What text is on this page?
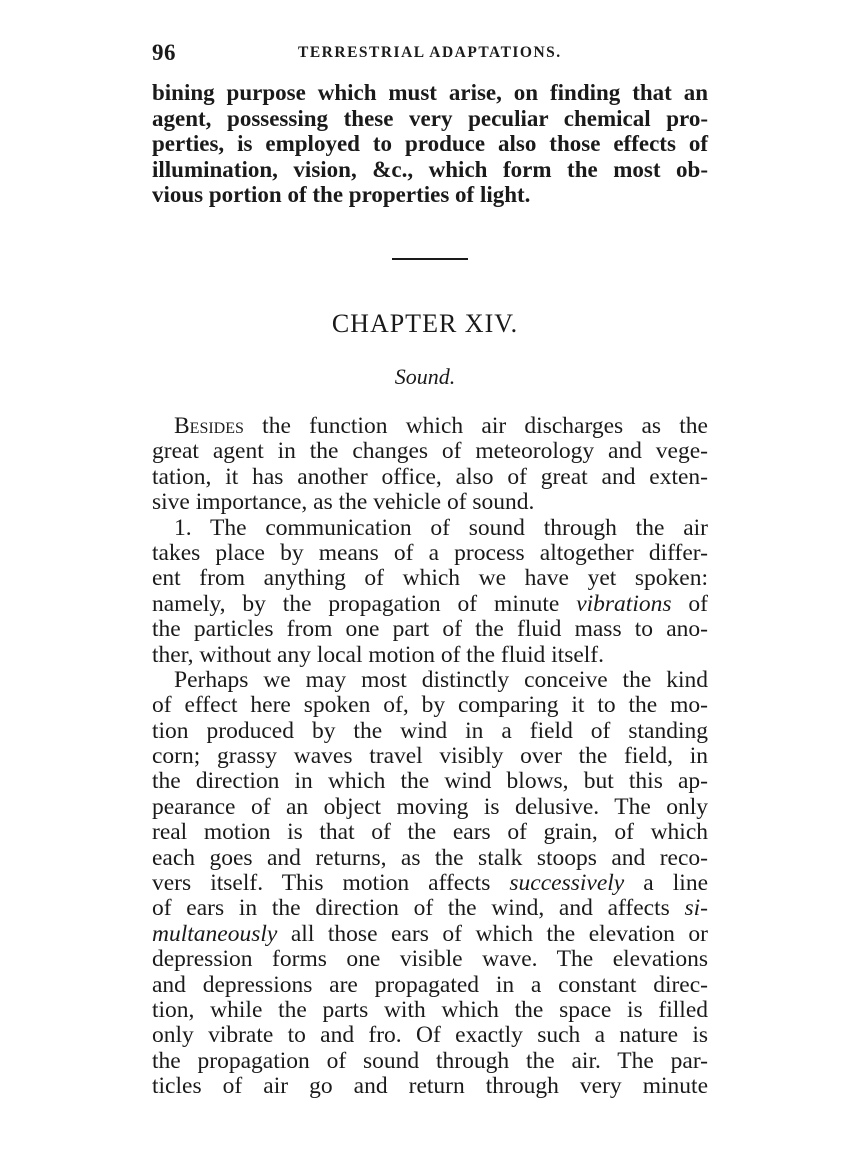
96	TERRESTRIAL ADAPTATIONS.
bining purpose which must arise, on finding that an
agent, possessing these very peculiar chemical pro-
perties, is employed to produce also those effects of
illumination, vision, &c., which form the most ob-
vious portion of the properties of light.
CHAPTER XIV.
Sound.
Besides the function which air discharges as the
great agent in the changes of meteorology and vege-
tation, it has another office, also of great and exten-
sive importance, as the vehicle of sound.
1. The communication of sound through the air
takes place by means of a process altogether differ-
ent from anything of which we have yet spoken:
namely, by the propagation of minute vibrations of
the particles from one part of the fluid mass to ano-
ther, without any local motion of the fluid itself.
Perhaps we may most distinctly conceive the kind
of effect here spoken of, by comparing it to the mo-
tion produced by the wind in a field of standing
corn; grassy waves travel visibly over the field, in
the direction in which the wind blows, but this ap-
pearance of an object moving is delusive. The only
real motion is that of the ears of grain, of which
each goes and returns, as the stalk stoops and reco-
vers itself. This motion affects successively a line
of ears in the direction of the wind, and affects si-
multaneously all those ears of which the elevation or
depression forms one visible wave. The elevations
and depressions are propagated in a constant direc-
tion, while the parts with which the space is filled
only vibrate to and fro. Of exactly such a nature is
the propagation of sound through the air. The par-
ticles of air go and return through very minute
